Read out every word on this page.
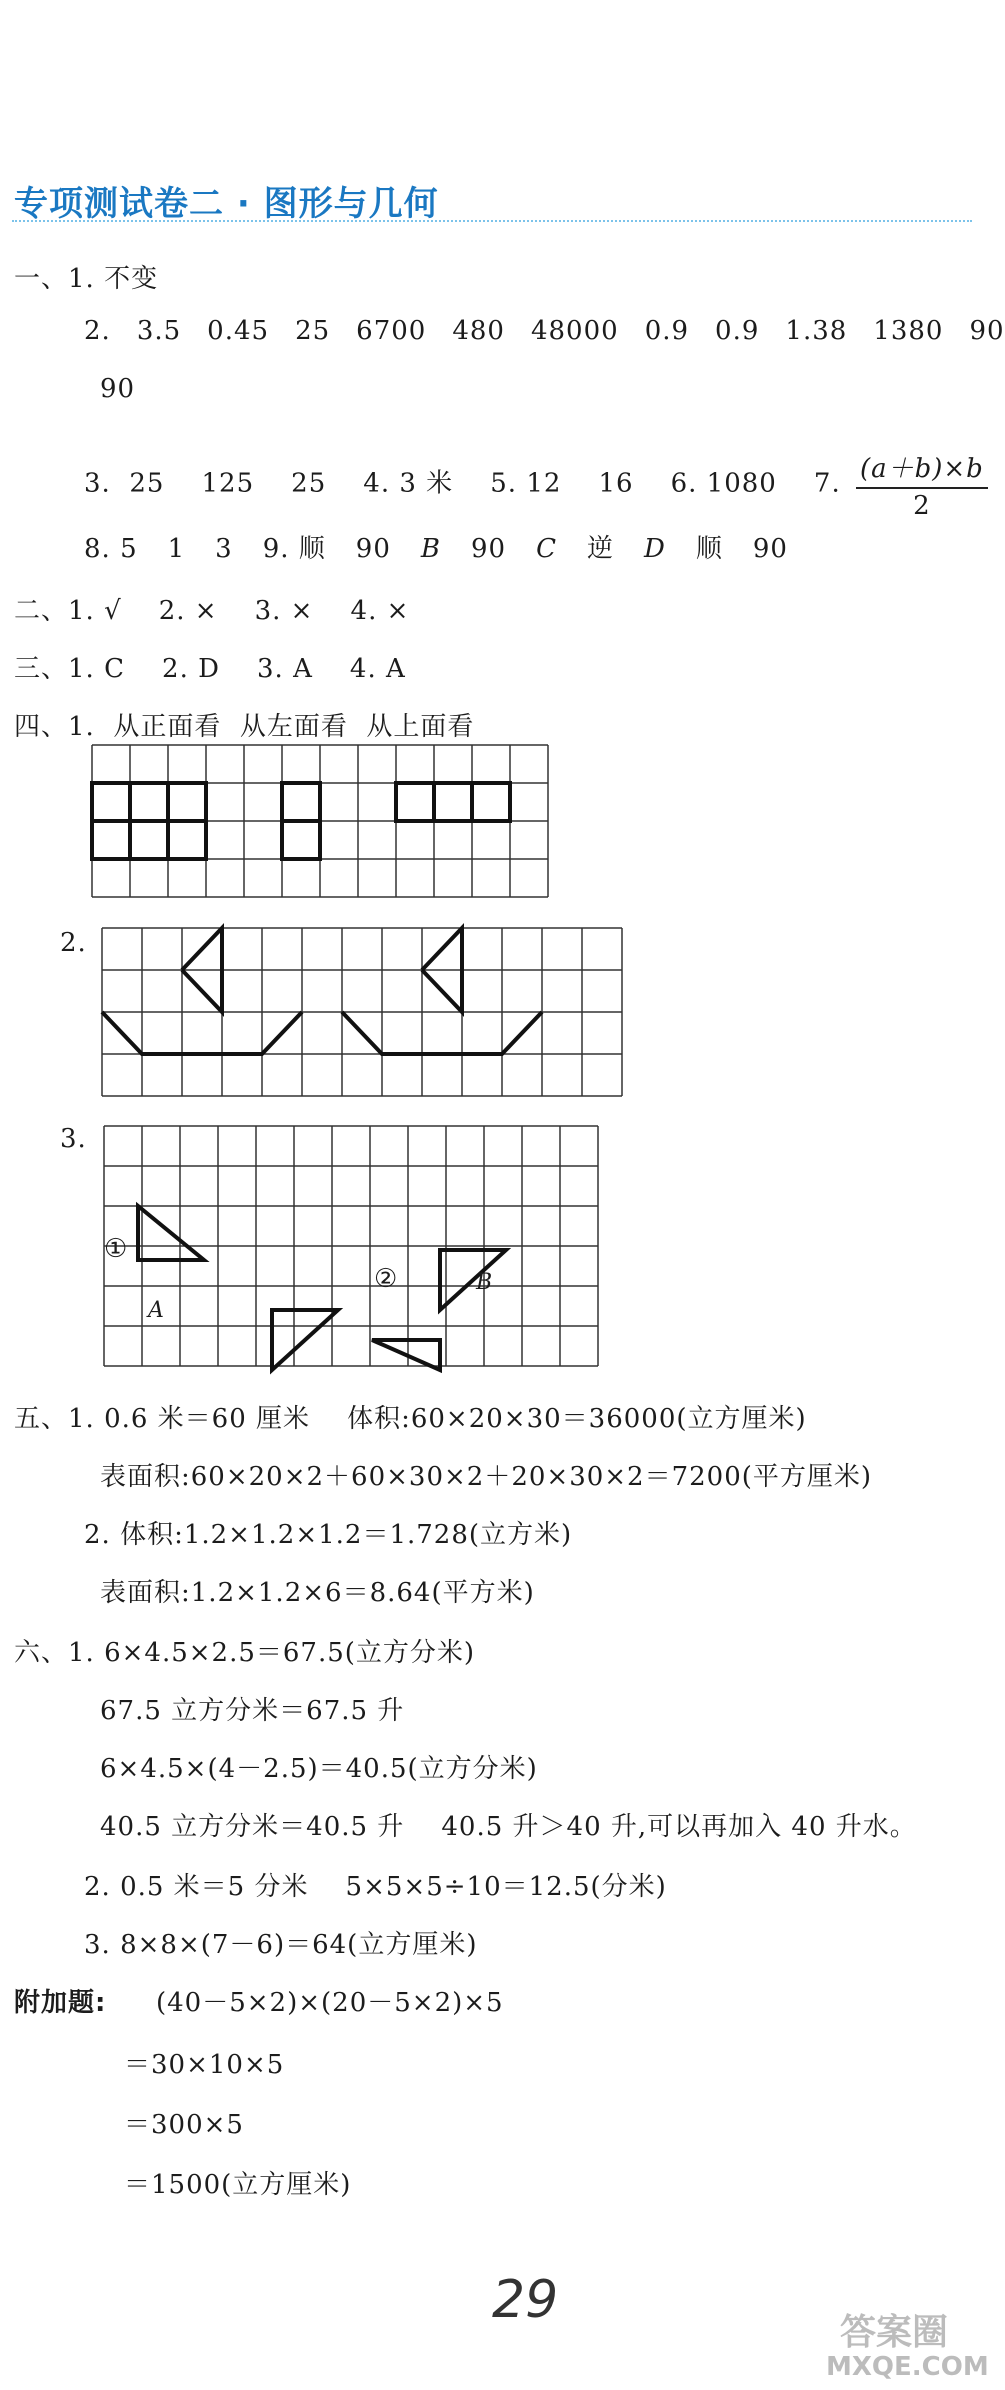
专项测试卷二 · 图形与几何
一、1. 不变
2. 3.5 0.45 25 6700 480 48000 0.9 0.9 1.38 1380 90
90
3.  25    125    25    4. 3 米    5. 12    16    6. 1080    7. $\frac{(a+b)\times b}{2}$
8. 5 1 3 9. 顺 90 B 90 C 逆 D 顺 90
二、1. √    2. ×    3. ×    4. ×
三、1. C    2. D    3. A    4. A
四、1.  从正面看  从左面看  从上面看
2.
3.
①
A
②	B
五、1. 0.6 米＝60 厘米    体积:60×20×30＝36000(立方厘米)
表面积:60×20×2＋60×30×2＋20×30×2＝7200(平方厘米)
2. 体积:1.2×1.2×1.2＝1.728(立方米)
表面积:1.2×1.2×6＝8.64(平方米)
六、1. 6×4.5×2.5＝67.5(立方分米)
67.5 立方分米＝67.5 升
6×4.5×(4－2.5)＝40.5(立方分米)
40.5 立方分米＝40.5 升    40.5 升＞40 升,可以再加入 40 升水。
2. 0.5 米＝5 分米    5×5×5÷10＝12.5(分米)
3. 8×8×(7－6)＝64(立方厘米)
附加题: (40－5×2)×(20－5×2)×5
＝30×10×5
＝300×5
＝1500(立方厘米)
29
答案圈
MXQE.COM
